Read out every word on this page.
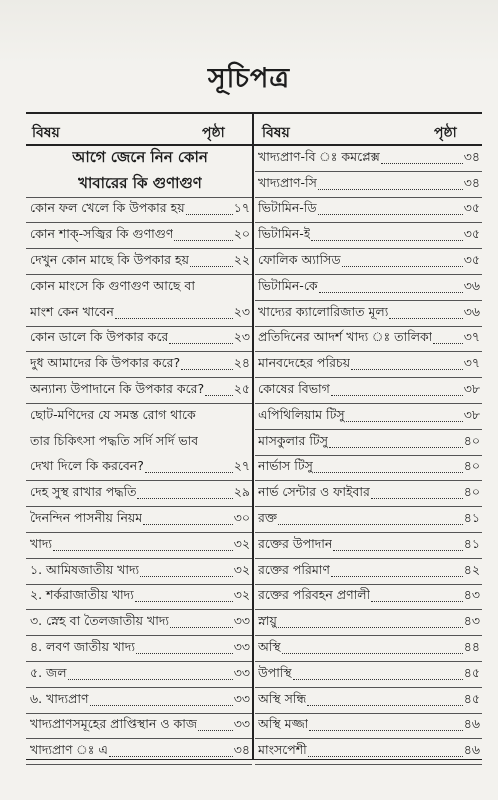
সূচিপত্র
বিষয়	পৃষ্ঠা	বিষয়	পৃষ্ঠা
আগে জেনে নিন কোন
খাবারের কি গুণাগুণ
কোন ফল খেলে কি উপকার হয়	১৭
কোন শাক্-সজ্বির কি গুণাগুণ	২০
দেখুন কোন মাছে কি উপকার হয়	২২
কোন মাংসে কি গুণাগুণ আছে বা
মাংশ কেন খাবেন	২৩
কোন ডালে কি উপকার করে	২৩
দুধ আমাদের কি উপকার করে?	২৪
অন্যান্য উপাদানে কি উপকার করে? ২৫
ছোট-মণিদের যে সমস্ত রোগ থাকে
তার চিকিৎসা পদ্ধতি সর্দি সর্দি ভাব
দেখা দিলে কি করবেন?	২৭
দেহ সুস্থ রাখার পদ্ধতি	২৯
দৈনন্দিন পাসনীয় নিয়ম	৩০
খাদ্য	৩২
১. আমিষজাতীয় খাদ্য	৩২
২. শর্করাজাতীয় খাদ্য	৩২
৩. স্নেহ বা তৈলজাতীয় খাদ্য	৩৩
৪. লবণ জাতীয় খাদ্য	৩৩
৫. জল	৩৩
৬. খাদ্যপ্রাণ	৩৩
খাদ্যপ্রাণসমূহের প্রাপ্তিস্থান ও কাজ	৩৩
খাদ্যপ্রাণ ঃ এ	৩৪
খাদ্যপ্রাণ-বি ঃ কমপ্লেক্স	৩৪
খাদ্যপ্রাণ-সি	৩৪
ভিটামিন-ডি	৩৫
ভিটামিন-ই	৩৫
ফোলিক অ্যাসিড	৩৫
ভিটামিন-কে	৩৬
খাদ্যের ক্যালোরিজাত মূল্য	৩৬
প্রতিদিনের আদর্শ খাদ্য ঃ তালিকা	৩৭
মানবদেহের পরিচয়	৩৭
কোষের বিভাগ	৩৮
এপিথিলিয়াম টিসু	৩৮
মাসকুলার টিসু	৪০
নার্ভাস টিসু	৪০
নার্ভ সেন্টার ও ফাইবার	৪০
রক্ত	৪১
রক্তের উপাদান	৪১
রক্তের পরিমাণ	৪২
রক্তের পরিবহন প্রণালী	৪৩
স্নায়ু	৪৩
অস্থি	৪৪
উপাস্থি	৪৫
অস্থি সন্ধি	৪৫
অস্থি মজ্জা	৪৬
মাংসপেশী	৪৬
